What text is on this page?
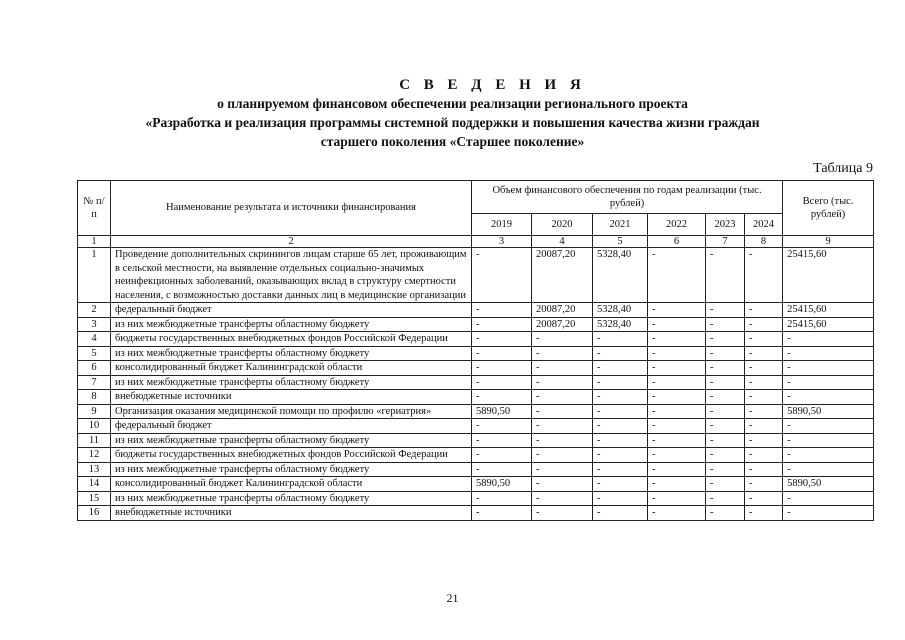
С В Е Д Е Н И Я
о планируемом финансовом обеспечении реализации регионального проекта
«Разработка и реализация программы системной поддержки и повышения качества жизни граждан
старшего поколения «Старшее поколение»
Таблица 9
№ п/п	Наименование результата и источники финансирования	Объем финансового обеспечения по годам реализации (тыс. рублей)						Всего (тыс. рублей)
		2019	2020	2021	2022	2023	2024	
1	2	3	4	5	6	7	8	9
1	Проведение дополнительных скринингов лицам старше 65 лет, проживающим в сельской местности, на выявление отдельных социально-значимых неинфекционных заболеваний, оказывающих вклад в структуру смертности населения, с возможностью доставки данных лиц в медицинские организации	-	20087,20	5328,40	-	-	-	25415,60
2	федеральный бюджет	-	20087,20	5328,40	-	-	-	25415,60
3	из них межбюджетные трансферты областному бюджету	-	20087,20	5328,40	-	-	-	25415,60
4	бюджеты государственных внебюджетных фондов Российской Федерации	-	-	-	-	-	-	-
5	из них межбюджетные трансферты областному бюджету	-	-	-	-	-	-	-
6	консолидированный бюджет Калининградской области	-	-	-	-	-	-	-
7	из них межбюджетные трансферты областному бюджету	-	-	-	-	-	-	-
8	внебюджетные источники	-	-	-	-	-	-	-
9	Организация оказания медицинской помощи по профилю «гериатрия»	5890,50	-	-	-	-	-	5890,50
10	федеральный бюджет	-	-	-	-	-	-	-
11	из них межбюджетные трансферты областному бюджету	-	-	-	-	-	-	-
12	бюджеты государственных внебюджетных фондов Российской Федерации	-	-	-	-	-	-	-
13	из них межбюджетные трансферты областному бюджету	-	-	-	-	-	-	-
14	консолидированный бюджет Калининградской области	5890,50	-	-	-	-	-	5890,50
15	из них межбюджетные трансферты областному бюджету	-	-	-	-	-	-	-
16	внебюджетные источники	-	-	-	-	-	-	-
21
